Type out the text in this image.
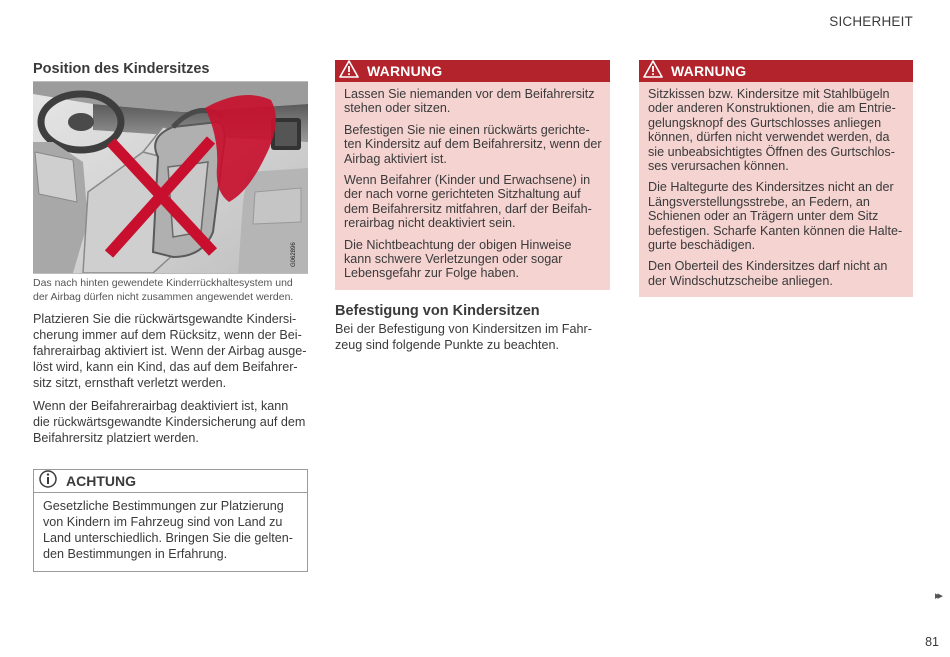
SICHERHEIT
Position des Kindersitzes
G062896
Das nach hinten gewendete Kinderrückhaltesystem und der Airbag dürfen nicht zusammen angewendet werden.

Platzieren Sie die rückwärtsgewandte Kindersi-cherung immer auf dem Rücksitz, wenn der Bei-fahrerairbag aktiviert ist. Wenn der Airbag ausge-löst wird, kann ein Kind, das auf dem Beifahrer-sitz sitzt, ernsthaft verletzt werden.

Wenn der Beifahrerairbag deaktiviert ist, kann die rückwärtsgewandte Kindersicherung auf dem Beifahrersitz platziert werden.

ACHTUNG

Gesetzliche Bestimmungen zur Platzierung von Kindern im Fahrzeug sind von Land zu Land unterschiedlich. Bringen Sie die gelten-den Bestimmungen in Erfahrung.

WARNUNG

Lassen Sie niemanden vor dem Beifahrersitz stehen oder sitzen.

Befestigen Sie nie einen rückwärts gerichte-ten Kindersitz auf dem Beifahrersitz, wenn der Airbag aktiviert ist.

Wenn Beifahrer (Kinder und Erwachsene) in der nach vorne gerichteten Sitzhaltung auf dem Beifahrersitz mitfahren, darf der Beifah-rerairbag nicht deaktiviert sein.

Die Nichtbeachtung der obigen Hinweise kann schwere Verletzungen oder sogar Lebensgefahr zur Folge haben.

Befestigung von Kindersitzen

Bei der Befestigung von Kindersitzen im Fahr-zeug sind folgende Punkte zu beachten.

WARNUNG

Sitzkissen bzw. Kindersitze mit Stahlbügeln oder anderen Konstruktionen, die am Entrie-gelungsknopf des Gurtschlosses anliegen können, dürfen nicht verwendet werden, da sie unbeabsichtigtes Öffnen des Gurtschlos-ses verursachen können.

Die Haltegurte des Kindersitzes nicht an der Längsverstellungsstrebe, an Federn, an Schienen oder an Trägern unter dem Sitz befestigen. Scharfe Kanten können die Halte-gurte beschädigen.

Den Oberteil des Kindersitzes darf nicht an der Windschutzscheibe anliegen.

▸▸
81
